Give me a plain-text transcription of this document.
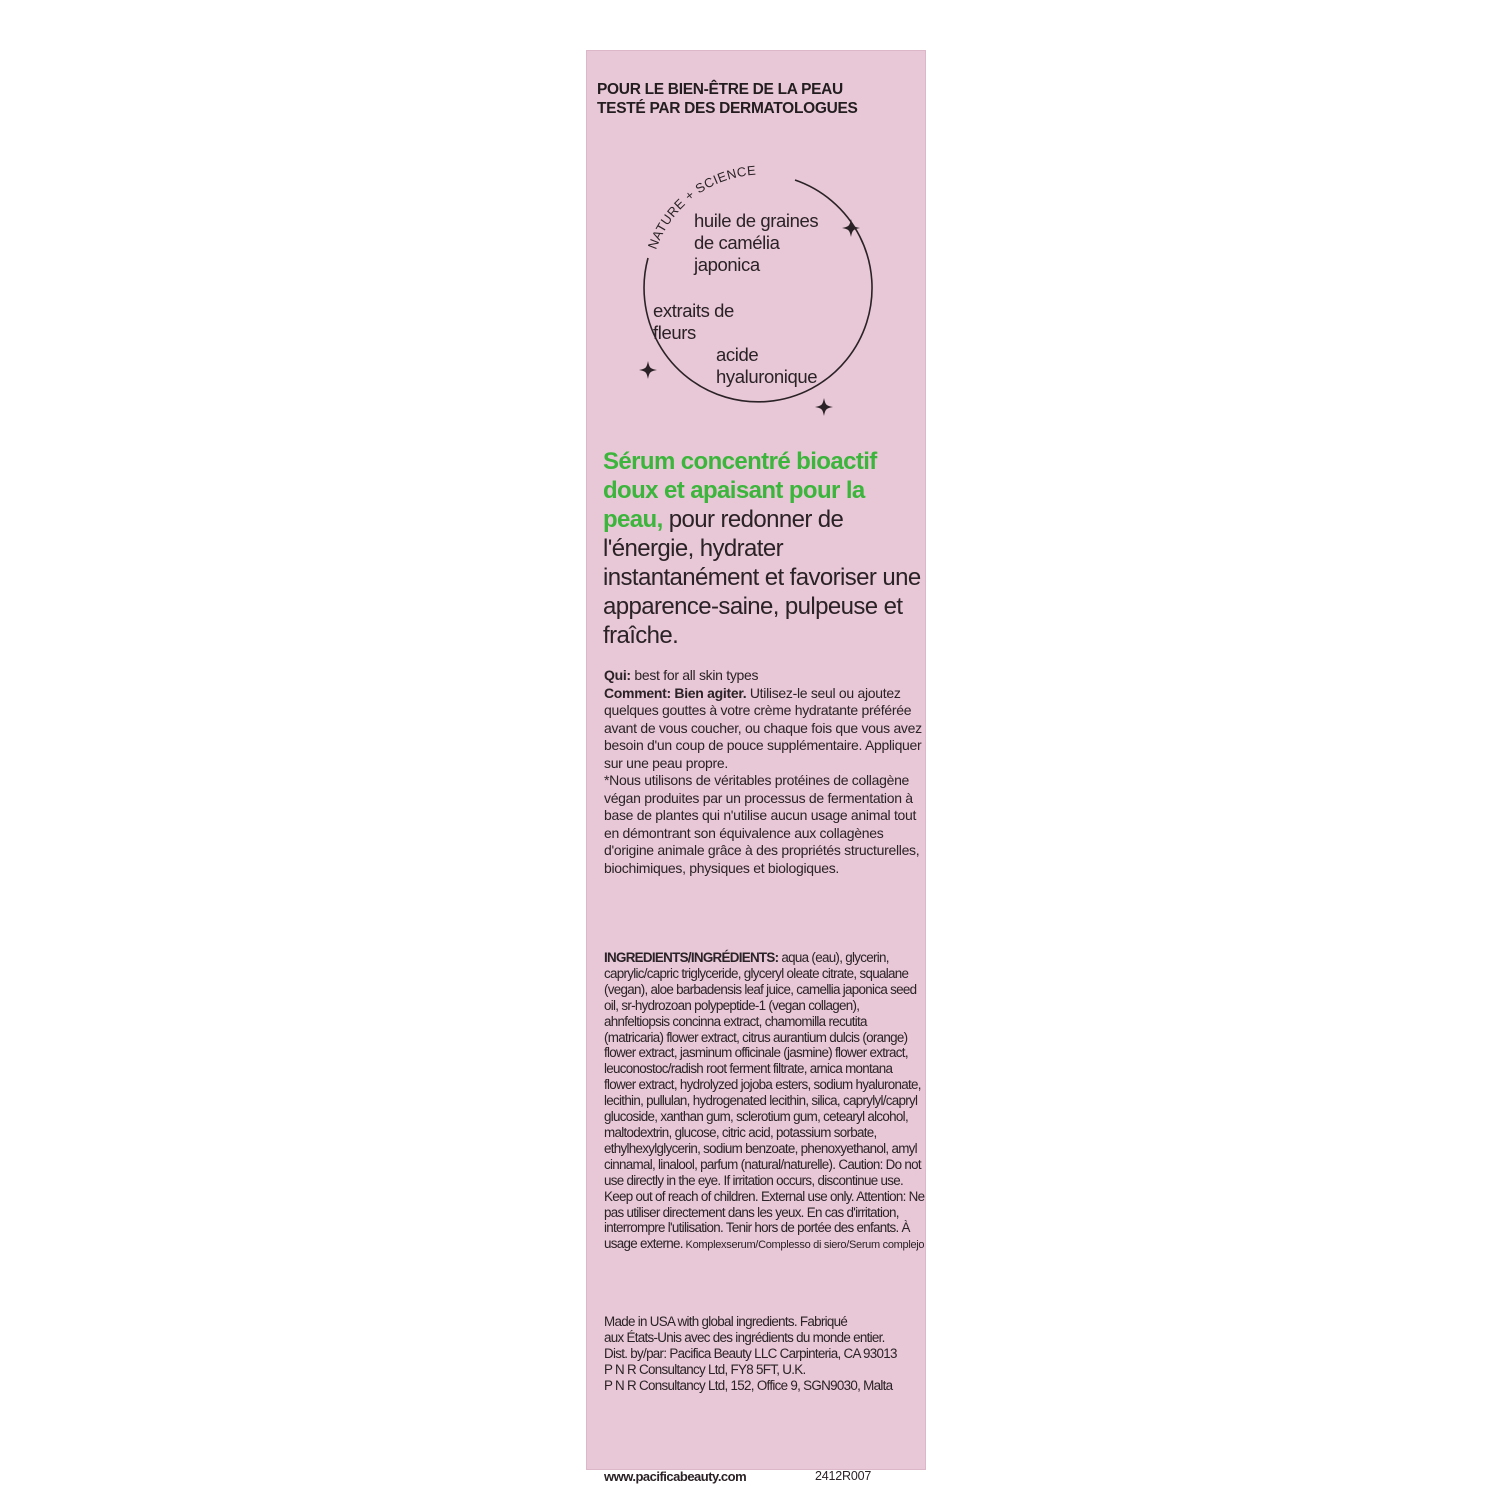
POUR LE BIEN-ÊTRE DE LA PEAU
TESTÉ PAR DES DERMATOLOGUES
NATURE + SCIENCE
huile de graines
de camélia
japonica
extraits de
fleurs
acide
hyaluronique
Sérum concentré bioactif doux et apaisant pour la peau, pour redonner de l'énergie, hydrater instantanément et favoriser une apparence-saine, pulpeuse et fraîche.
Qui: best for all skin types
Comment: Bien agiter. Utilisez-le seul ou ajoutez quelques gouttes à votre crème hydratante préférée avant de vous coucher, ou chaque fois que vous avez besoin d'un coup de pouce supplémentaire. Appliquer sur une peau propre.
*Nous utilisons de véritables protéines de collagène végan produites par un processus de fermentation à base de plantes qui n'utilise aucun usage animal tout en démontrant son équivalence aux collagènes d'origine animale grâce à des propriétés structurelles, biochimiques, physiques et biologiques.
INGREDIENTS/INGRÉDIENTS: aqua (eau), glycerin, caprylic/capric triglyceride, glyceryl oleate citrate, squalane (vegan), aloe barbadensis leaf juice, camellia japonica seed oil, sr-hydrozoan polypeptide-1 (vegan collagen), ahnfeltiopsis concinna extract, chamomilla recutita (matricaria) flower extract, citrus aurantium dulcis (orange) flower extract, jasminum officinale (jasmine) flower extract, leuconostoc/radish root ferment filtrate, arnica montana flower extract, hydrolyzed jojoba esters, sodium hyaluronate, lecithin, pullulan, hydrogenated lecithin, silica, caprylyl/capryl glucoside, xanthan gum, sclerotium gum, cetearyl alcohol, maltodextrin, glucose, citric acid, potassium sorbate, ethylhexylglycerin, sodium benzoate, phenoxyethanol, amyl cinnamal, linalool, parfum (natural/naturelle). Caution: Do not use directly in the eye. If irritation occurs, discontinue use. Keep out of reach of children. External use only. Attention: Ne pas utiliser directement dans les yeux. En cas d'irritation, interrompre l'utilisation. Tenir hors de portée des enfants. À usage externe. Komplexserum/Complesso di siero/Serum complejo
Made in USA with global ingredients. Fabriqué
aux États-Unis avec des ingrédients du monde entier.
Dist. by/par: Pacifica Beauty LLC Carpinteria, CA 93013
P N R Consultancy Ltd, FY8 5FT, U.K.
P N R Consultancy Ltd, 152, Office 9, SGN9030, Malta
www.pacificabeauty.com	2412R007
